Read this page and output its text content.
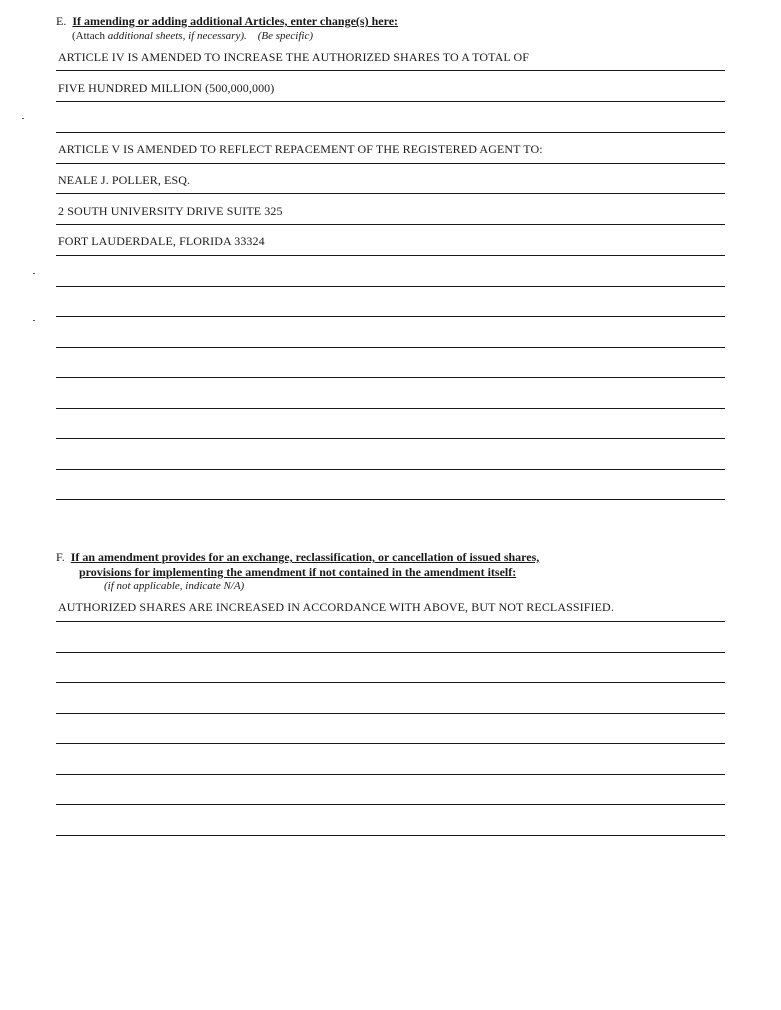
E. If amending or adding additional Articles, enter change(s) here:
(Attach additional sheets, if necessary). (Be specific)
ARTICLE IV IS AMENDED TO INCREASE THE AUTHORIZED SHARES TO A TOTAL OF
FIVE HUNDRED MILLION (500,000,000)
ARTICLE V IS AMENDED TO REFLECT REPACEMENT OF THE REGISTERED AGENT TO:
NEALE J. POLLER, ESQ.
2 SOUTH UNIVERSITY DRIVE SUITE 325
FORT LAUDERDALE, FLORIDA 33324
F. If an amendment provides for an exchange, reclassification, or cancellation of issued shares,
provisions for implementing the amendment if not contained in the amendment itself:
(if not applicable, indicate N/A)
AUTHORIZED SHARES ARE INCREASED IN ACCORDANCE WITH ABOVE, BUT NOT RECLASSIFIED.
